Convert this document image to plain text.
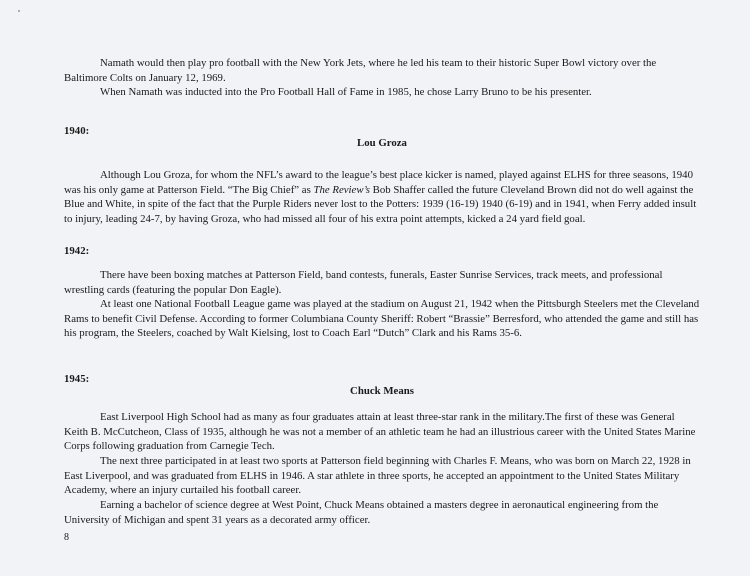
Namath would then play pro football with the New York Jets, where he led his team to their historic Super Bowl victory over the Baltimore Colts on January 12, 1969.

When Namath was inducted into the Pro Football Hall of Fame in 1985, he chose Larry Bruno to be his presenter.

1940:

Lou Groza

Although Lou Groza, for whom the NFL’s award to the league’s best place kicker is named, played against ELHS for three seasons, 1940 was his only game at Patterson Field. “The Big Chief” as The Review’s Bob Shaffer called the future Cleveland Brown did not do well against the Blue and White, in spite of the fact that the Purple Riders never lost to the Potters: 1939 (16-19) 1940 (6-19) and in 1941, when Ferry added insult to injury, leading 24-7, by having Groza, who had missed all four of his extra point attempts, kicked a 24 yard field goal.

1942:

There have been boxing matches at Patterson Field, band contests, funerals, Easter Sunrise Services, track meets, and professional wrestling cards (featuring the popular Don Eagle).

At least one National Football League game was played at the stadium on August 21, 1942 when the Pittsburgh Steelers met the Cleveland Rams to benefit Civil Defense. According to former Columbiana County Sheriff: Robert “Brassie” Berresford, who attended the game and still has his program, the Steelers, coached by Walt Kielsing, lost to Coach Earl “Dutch” Clark and his Rams 35-6.

1945:

Chuck Means

East Liverpool High School had as many as four graduates attain at least three-star rank in the military.The first of these was General Keith B. McCutcheon, Class of 1935, although he was not a member of an athletic team he had an illustrious career with the United States Marine Corps following graduation from Carnegie Tech.

The next three participated in at least two sports at Patterson field beginning with Charles F. Means, who was born on March 22, 1928 in East Liverpool, and was graduated from ELHS in 1946. A star athlete in three sports, he accepted an appointment to the United States Military Academy, where an injury curtailed his football career.

Earning a bachelor of science degree at West Point, Chuck Means obtained a masters degree in aeronautical engineering from the University of Michigan and spent 31 years as a decorated army officer.

8
